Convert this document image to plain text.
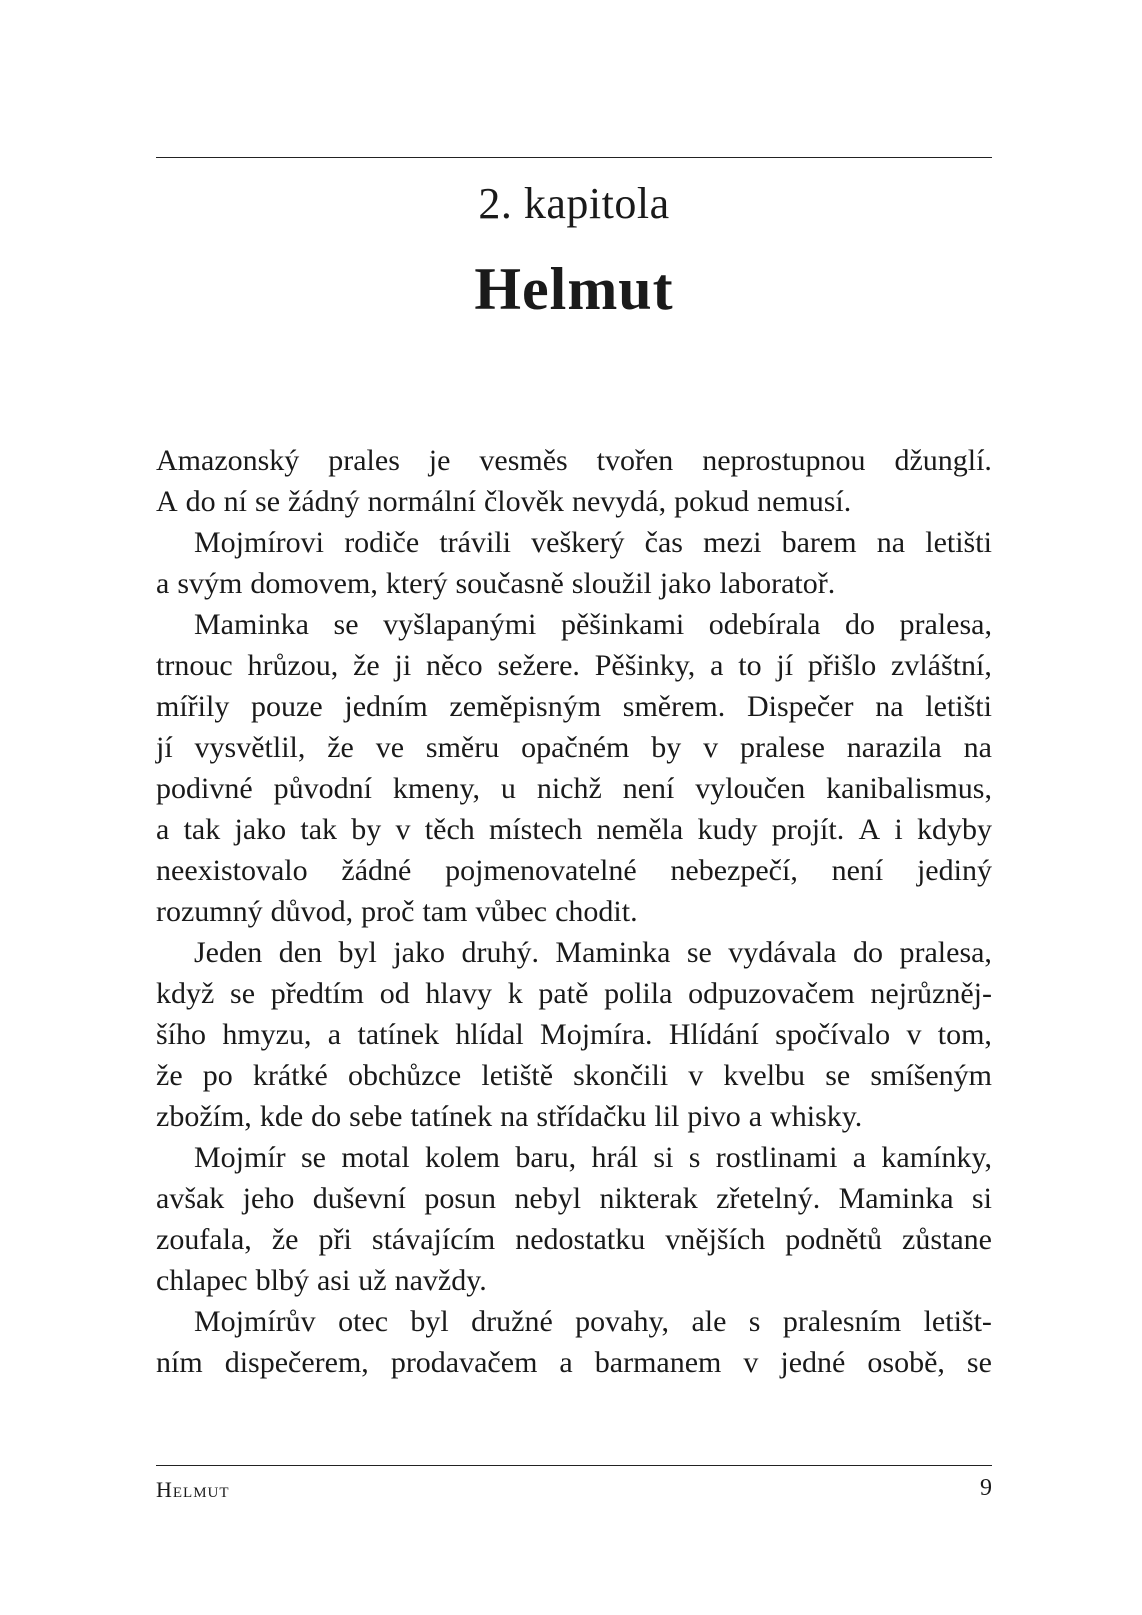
2. kapitola
Helmut
Amazonský prales je vesměs tvořen neprostupnou džunglí.
A do ní se žádný normální člověk nevydá, pokud nemusí.
Mojmírovi rodiče trávili veškerý čas mezi barem na letišti
a svým domovem, který současně sloužil jako laboratoř.
Maminka se vyšlapanými pěšinkami odebírala do pralesa,
trnouc hrůzou, že ji něco sežere. Pěšinky, a to jí přišlo zvláštní,
mířily pouze jedním zeměpisným směrem. Dispečer na letišti
jí vysvětlil, že ve směru opačném by v pralese narazila na
podivné původní kmeny, u nichž není vyloučen kanibalismus,
a tak jako tak by v těch místech neměla kudy projít. A i kdyby
neexistovalo žádné pojmenovatelné nebezpečí, není jediný
rozumný důvod, proč tam vůbec chodit.
Jeden den byl jako druhý. Maminka se vydávala do pralesa,
když se předtím od hlavy k patě polila odpuzovačem nejrůzněj-
šího hmyzu, a tatínek hlídal Mojmíra. Hlídání spočívalo v tom,
že po krátké obchůzce letiště skončili v kvelbu se smíšeným
zbožím, kde do sebe tatínek na střídačku lil pivo a whisky.
Mojmír se motal kolem baru, hrál si s rostlinami a kamínky,
avšak jeho duševní posun nebyl nikterak zřetelný. Maminka si
zoufala, že při stávajícím nedostatku vnějších podnětů zůstane
chlapec blbý asi už navždy.
Mojmírův otec byl družné povahy, ale s pralesním letišt-
ním dispečerem, prodavačem a barmanem v jedné osobě, se
Helmut	9
